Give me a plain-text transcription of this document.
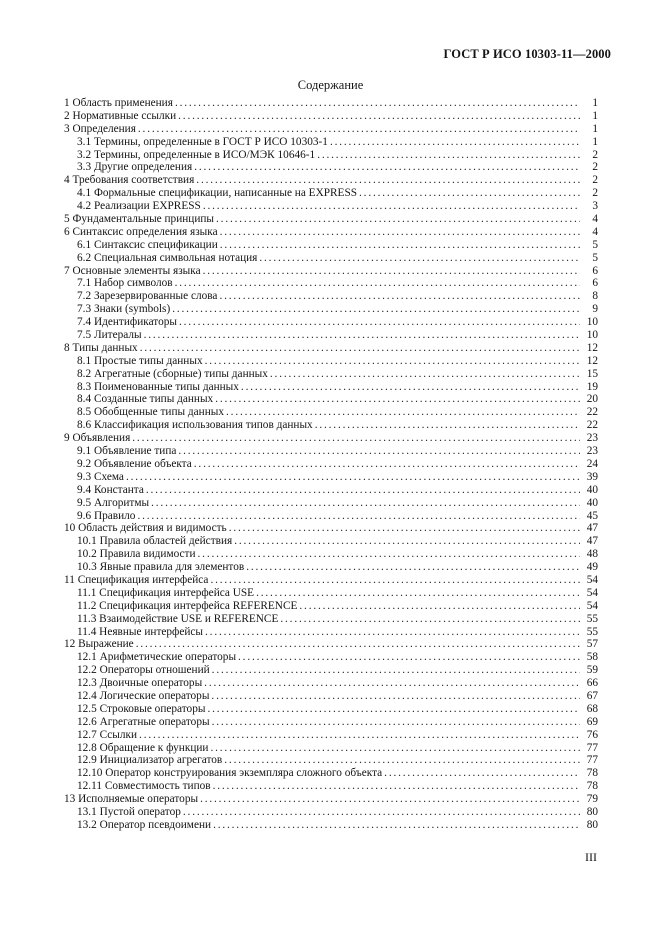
ГОСТ Р ИСО 10303-11—2000
Содержание
1 Область применения . . .	1
2 Нормативные ссылки . . .	1
3 Определения . . .	1
3.1 Термины, определенные в ГОСТ Р ИСО 10303-1 . . .	1
3.2 Термины, определенные в ИСО/МЭК 10646-1 . . .	2
3.3 Другие определения . . .	2
4 Требования соответствия . . .	2
4.1 Формальные спецификации, написанные на EXPRESS . . .	2
4.2 Реализации EXPRESS . . .	3
5 Фундаментальные принципы . . .	4
6 Синтаксис определения языка . . .	4
6.1 Синтаксис спецификации . . .	5
6.2 Специальная символьная нотация . . .	5
7 Основные элементы языка . . .	6
7.1 Набор символов . . .	6
7.2 Зарезервированные слова . . .	8
7.3 Знаки (symbols) . . .	9
7.4 Идентификаторы . . .	10
7.5 Литералы . . .	10
8 Типы данных . . .	12
8.1 Простые типы данных . . .	12
8.2 Агрегатные (сборные) типы данных . . .	15
8.3 Поименованные типы данных . . .	19
8.4 Созданные типы данных . . .	20
8.5 Обобщенные типы данных . . .	22
8.6 Классификация использования типов данных . . .	22
9 Объявления . . .	23
9.1 Объявление типа . . .	23
9.2 Объявление объекта . . .	24
9.3 Схема . . .	39
9.4 Константа . . .	40
9.5 Алгоритмы . . .	40
9.6 Правило . . .	45
10 Область действия и видимость . . .	47
10.1 Правила областей действия . . .	47
10.2 Правила видимости . . .	48
10.3 Явные правила для элементов . . .	49
11 Спецификация интерфейса . . .	54
11.1 Спецификация интерфейса USE . . .	54
11.2 Спецификация интерфейса REFERENCE . . .	54
11.3 Взаимодействие USE и REFERENCE . . .	55
11.4 Неявные интерфейсы . . .	55
12 Выражение . . .	57
12.1 Арифметические операторы . . .	58
12.2 Операторы отношений . . .	59
12.3 Двоичные операторы . . .	66
12.4 Логические операторы . . .	67
12.5 Строковые операторы . . .	68
12.6 Агрегатные операторы . . .	69
12.7 Ссылки . . .	76
12.8 Обращение к функции . . .	77
12.9 Инициализатор агрегатов . . .	77
12.10 Оператор конструирования экземпляра сложного объекта . . .	78
12.11 Совместимость типов . . .	78
13 Исполняемые операторы . . .	79
13.1 Пустой оператор . . .	80
13.2 Оператор псевдоимени . . .	80
III
